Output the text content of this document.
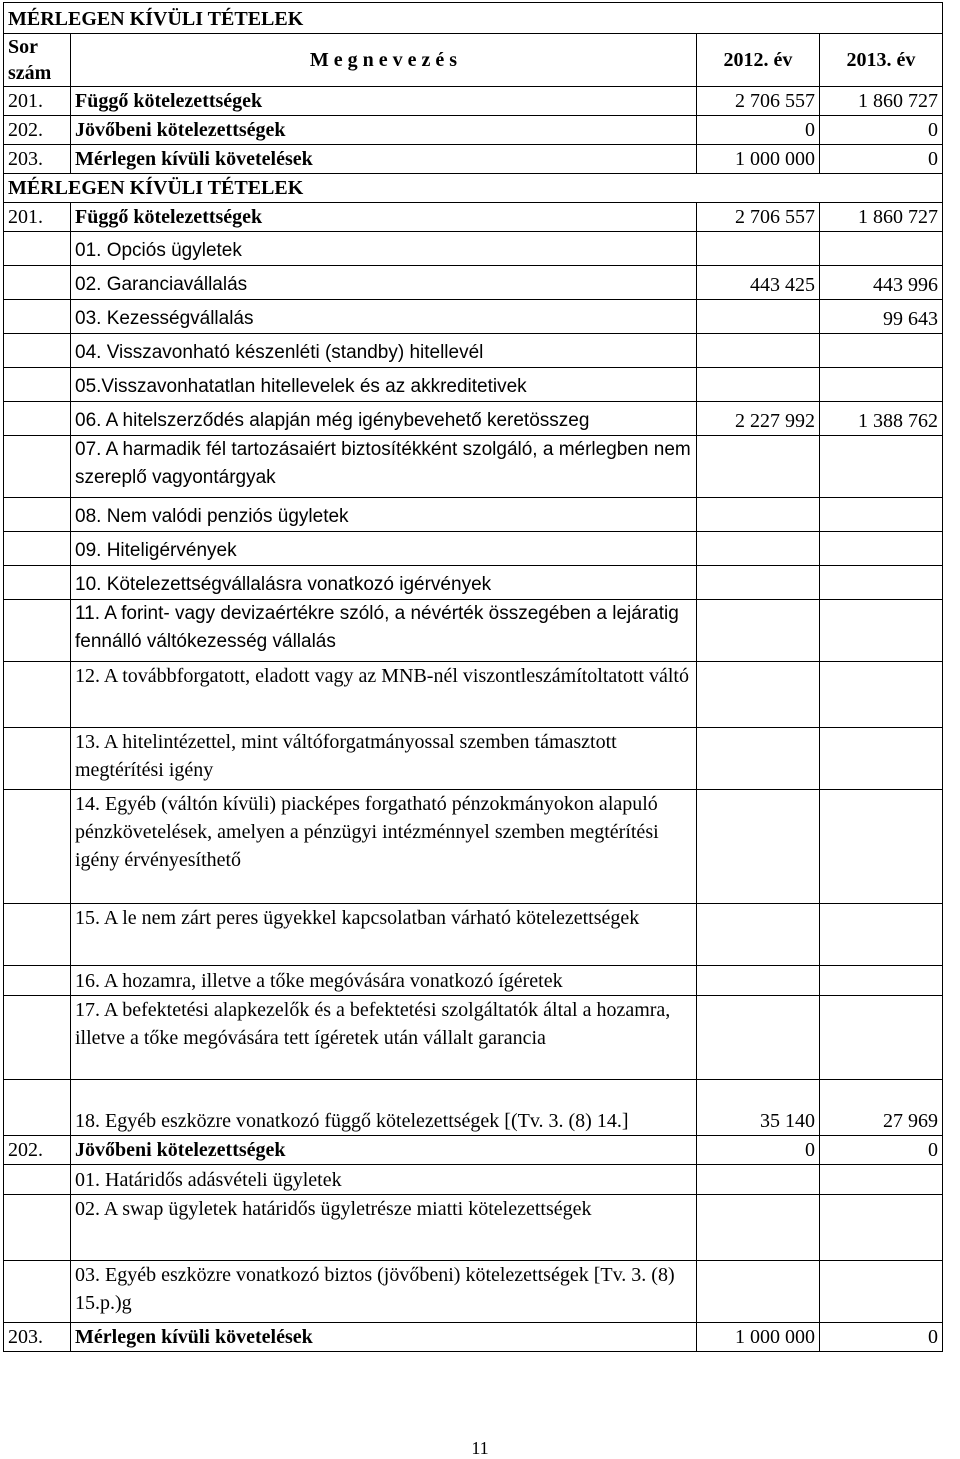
MÉRLEGEN KÍVÜLI TÉTELEK			
Sor
szám	M e g n e v e z é s	2012. év	2013. év
201.	Függő kötelezettségek	2 706 557	1 860 727
202.	Jövőbeni kötelezettségek	0	0
203.	Mérlegen kívüli követelések	1 000 000	0
MÉRLEGEN KÍVÜLI TÉTELEK			
201.	Függő kötelezettségek	2 706 557	1 860 727
	01. Opciós ügyletek		
	02. Garanciavállalás	443 425	443 996
	03. Kezességvállalás		99 643
	04. Visszavonható készenléti (standby) hitellevél		
	05.Visszavonhatatlan hitellevelek és az akkreditetivek		
	06. A hitelszerződés alapján még igénybevehető keretösszeg	2 227 992	1 388 762
	07. A harmadik fél tartozásaiért biztosítékként szolgáló, a mérlegben nem szereplő vagyontárgyak		
	08. Nem valódi penziós ügyletek		
	09. Hiteligérvények		
	10. Kötelezettségvállalásra vonatkozó igérvények		
	11. A forint- vagy devizaértékre szóló, a névérték összegében a lejáratig fennálló váltókezesség vállalás		
	12. A továbbforgatott, eladott vagy az MNB-nél viszontleszámítoltatott váltó		
	13. A hitelintézettel, mint váltóforgatmányossal szemben támasztott megtérítési igény		
	14. Egyéb (váltón kívüli) piacképes forgatható pénzokmányokon alapuló pénzkövetelések, amelyen a pénzügyi intézménnyel szemben megtérítési igény érvényesíthető		
	15. A le nem zárt peres ügyekkel kapcsolatban várható kötelezettségek		
	16. A hozamra, illetve a tőke megóvására vonatkozó ígéretek		
	17. A befektetési alapkezelők és a befektetési szolgáltatók által a hozamra, illetve a tőke megóvására tett ígéretek után vállalt garancia		
	18. Egyéb eszközre vonatkozó függő kötelezettségek [(Tv. 3. (8) 14.]	35 140	27 969
202.	Jövőbeni kötelezettségek	0	0
	01. Határidős adásvételi ügyletek		
	02. A swap ügyletek határidős ügyletrésze miatti kötelezettségek		
	03. Egyéb eszközre vonatkozó biztos (jövőbeni) kötelezettségek [Tv. 3. (8) 15.p.)g		
203.	Mérlegen kívüli követelések	1 000 000	0
11
